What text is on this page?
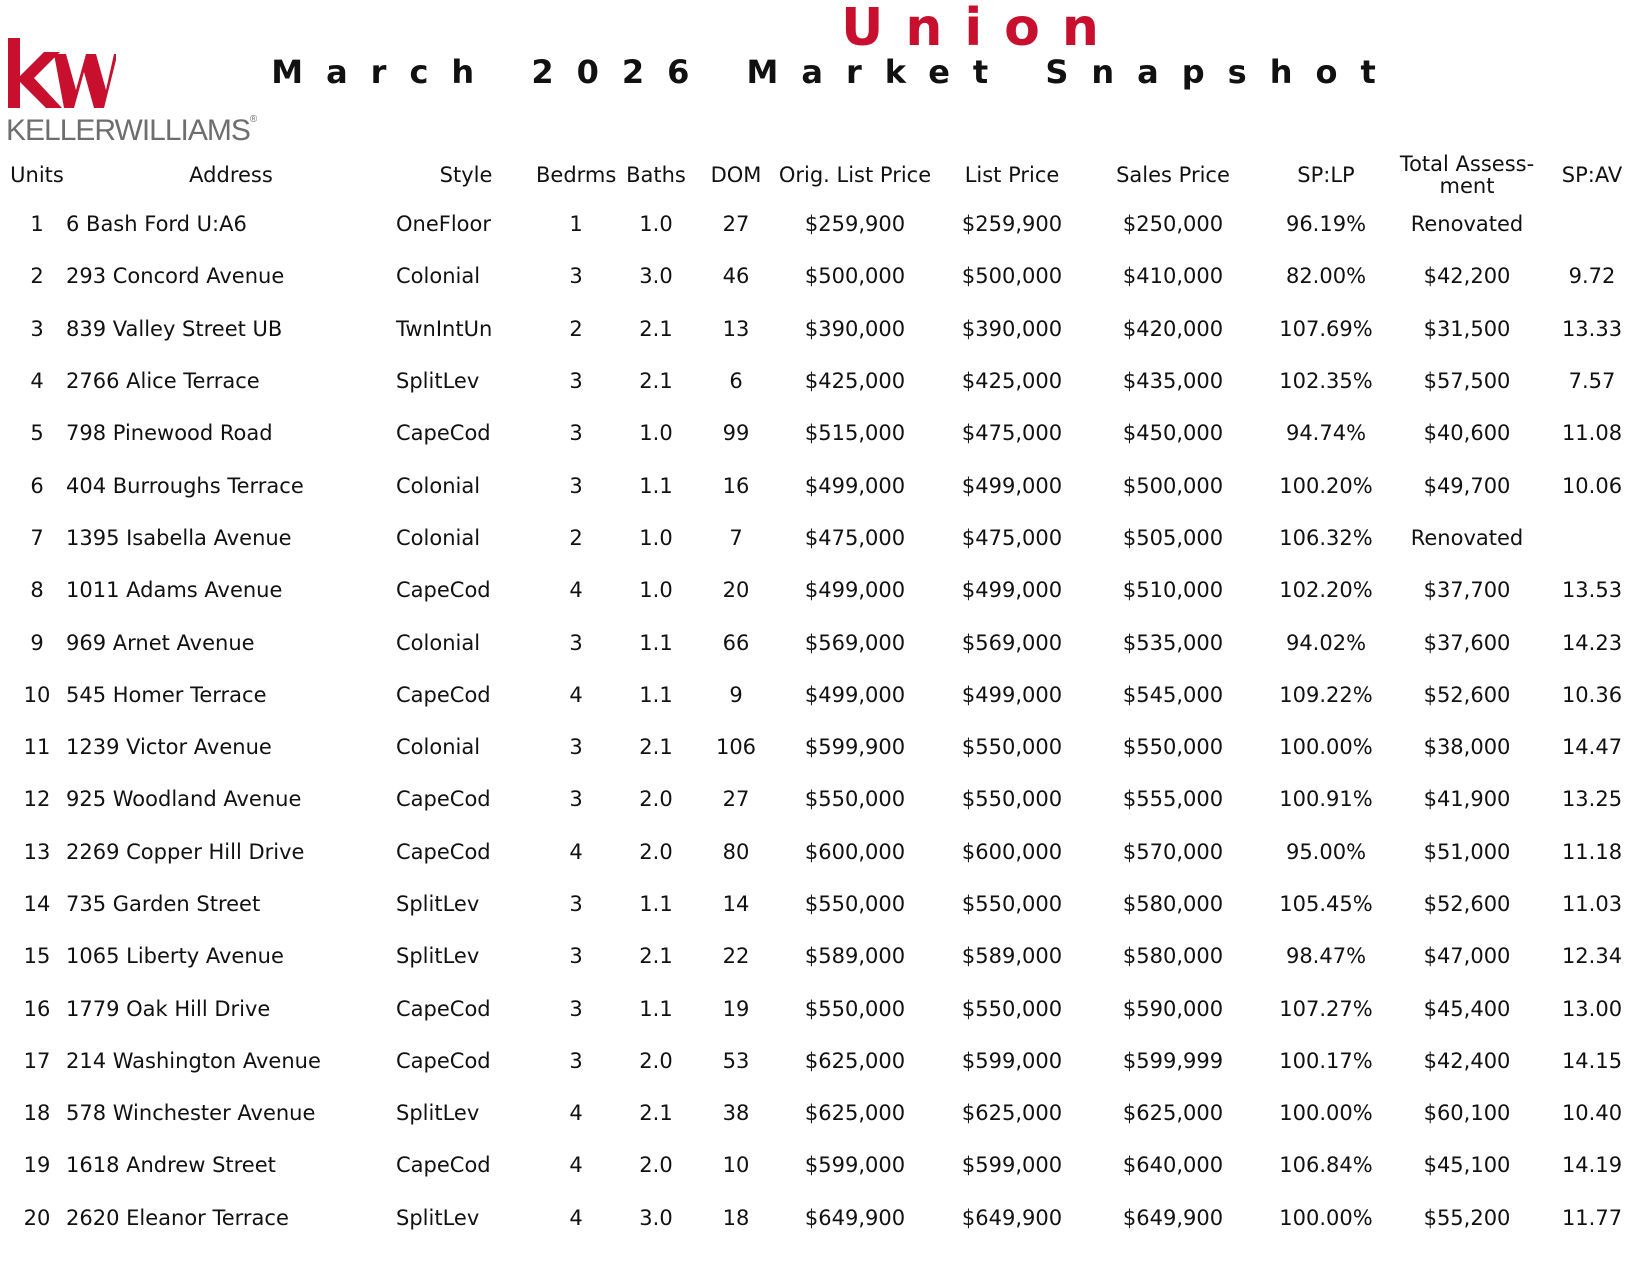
KELLERWILLIAMS®
Union
March 2026 Market Snapshot
Units	Address	Style	Bedrms	Baths	DOM	Orig. List Price	List Price	Sales Price	SP:LP	Total Assess-ment	SP:AV
1	6 Bash Ford U:A6	OneFloor	1	1.0	27	$259,900	$259,900	$250,000	96.19%	Renovated	
2	293 Concord Avenue	Colonial	3	3.0	46	$500,000	$500,000	$410,000	82.00%	$42,200	9.72
3	839 Valley Street UB	TwnIntUn	2	2.1	13	$390,000	$390,000	$420,000	107.69%	$31,500	13.33
4	2766 Alice Terrace	SplitLev	3	2.1	6	$425,000	$425,000	$435,000	102.35%	$57,500	7.57
5	798 Pinewood Road	CapeCod	3	1.0	99	$515,000	$475,000	$450,000	94.74%	$40,600	11.08
6	404 Burroughs Terrace	Colonial	3	1.1	16	$499,000	$499,000	$500,000	100.20%	$49,700	10.06
7	1395 Isabella Avenue	Colonial	2	1.0	7	$475,000	$475,000	$505,000	106.32%	Renovated	
8	1011 Adams Avenue	CapeCod	4	1.0	20	$499,000	$499,000	$510,000	102.20%	$37,700	13.53
9	969 Arnet Avenue	Colonial	3	1.1	66	$569,000	$569,000	$535,000	94.02%	$37,600	14.23
10	545 Homer Terrace	CapeCod	4	1.1	9	$499,000	$499,000	$545,000	109.22%	$52,600	10.36
11	1239 Victor Avenue	Colonial	3	2.1	106	$599,900	$550,000	$550,000	100.00%	$38,000	14.47
12	925 Woodland Avenue	CapeCod	3	2.0	27	$550,000	$550,000	$555,000	100.91%	$41,900	13.25
13	2269 Copper Hill Drive	CapeCod	4	2.0	80	$600,000	$600,000	$570,000	95.00%	$51,000	11.18
14	735 Garden Street	SplitLev	3	1.1	14	$550,000	$550,000	$580,000	105.45%	$52,600	11.03
15	1065 Liberty Avenue	SplitLev	3	2.1	22	$589,000	$589,000	$580,000	98.47%	$47,000	12.34
16	1779 Oak Hill Drive	CapeCod	3	1.1	19	$550,000	$550,000	$590,000	107.27%	$45,400	13.00
17	214 Washington Avenue	CapeCod	3	2.0	53	$625,000	$599,000	$599,999	100.17%	$42,400	14.15
18	578 Winchester Avenue	SplitLev	4	2.1	38	$625,000	$625,000	$625,000	100.00%	$60,100	10.40
19	1618 Andrew Street	CapeCod	4	2.0	10	$599,000	$599,000	$640,000	106.84%	$45,100	14.19
20	2620 Eleanor Terrace	SplitLev	4	3.0	18	$649,900	$649,900	$649,900	100.00%	$55,200	11.77
